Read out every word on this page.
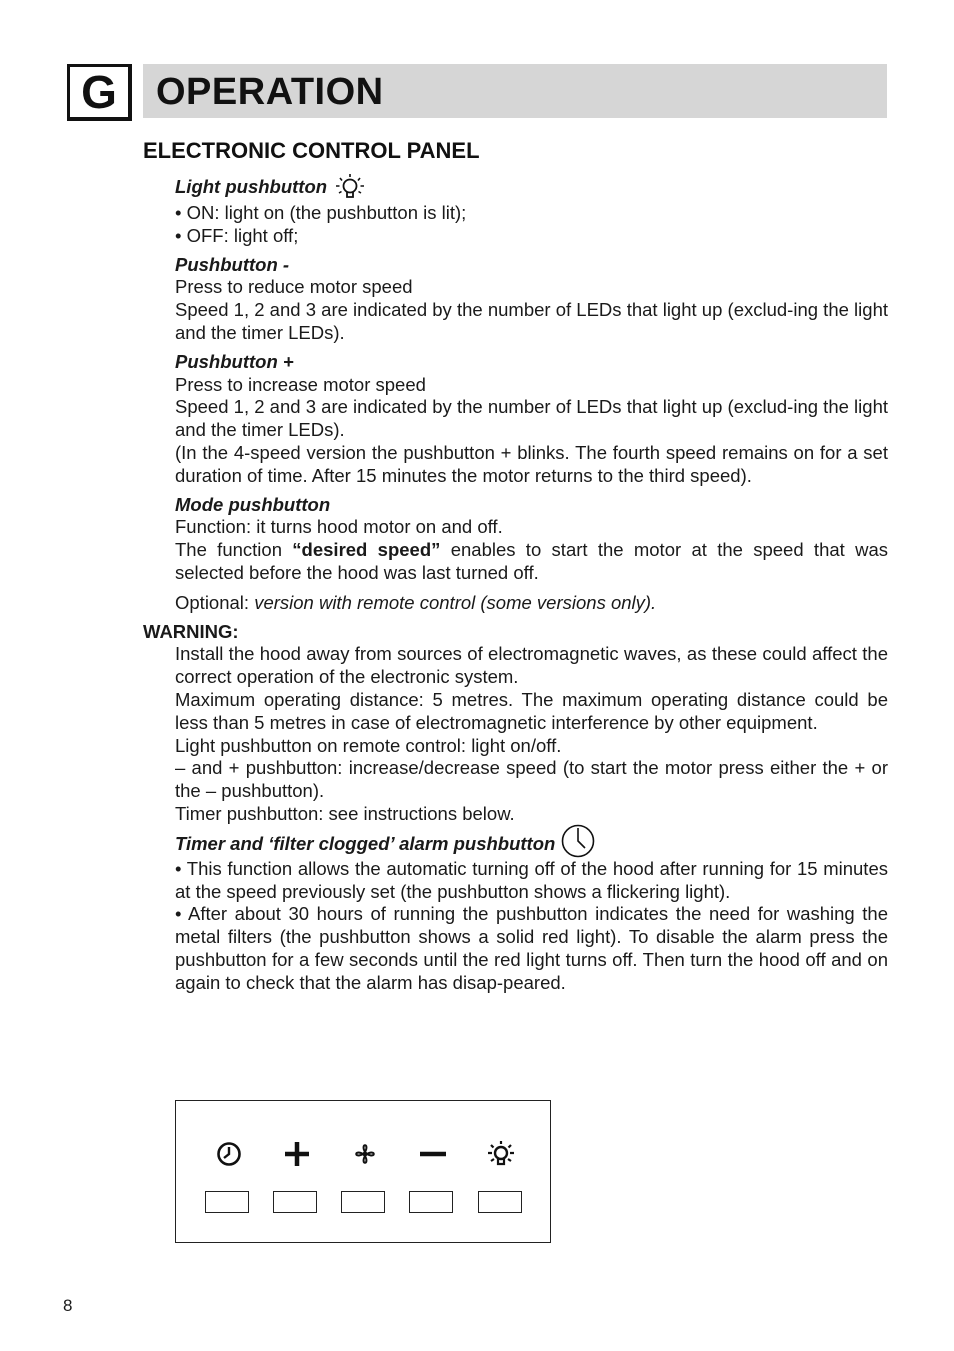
G OPERATION
ELECTRONIC CONTROL PANEL

Light pushbutton

• ON: light on (the pushbutton is lit);

• OFF: light off;

Pushbutton -

Press to reduce motor speed

Speed 1, 2 and 3 are indicated by the number of LEDs that light up (exclud-ing the light and the timer LEDs).

Pushbutton +

Press to increase motor speed

Speed 1, 2 and 3 are indicated by the number of LEDs that light up (exclud-ing the light and the timer LEDs).

(In the 4-speed version the pushbutton + blinks. The fourth speed remains on for a set duration of time. After 15 minutes the motor returns to the third speed).

Mode pushbutton

Function: it turns hood motor on and off.

The function “desired speed” enables to start the motor at the speed that was selected before the hood was last turned off.

Optional: version with remote control (some versions only).

WARNING:

Install the hood away from sources of electromagnetic waves, as these could affect the correct operation of the electronic system.

Maximum operating distance: 5 metres. The maximum operating distance could be less than 5 metres in case of electromagnetic interference by other equipment.

Light pushbutton on remote control: light on/off.

– and + pushbutton: increase/decrease speed (to start the motor press either the + or the – pushbutton).

Timer pushbutton: see instructions below.

Timer and ‘filter clogged’ alarm pushbutton

• This function allows the automatic turning off of the hood after running for 15 minutes at the speed previously set (the pushbutton shows a flickering light).

• After about 30 hours of running the pushbutton indicates the need for washing the metal filters (the pushbutton shows a solid red light). To disable the alarm press the pushbutton for a few seconds until the red light turns off. Then turn the hood off and on again to check that the alarm has disap-peared.

8
